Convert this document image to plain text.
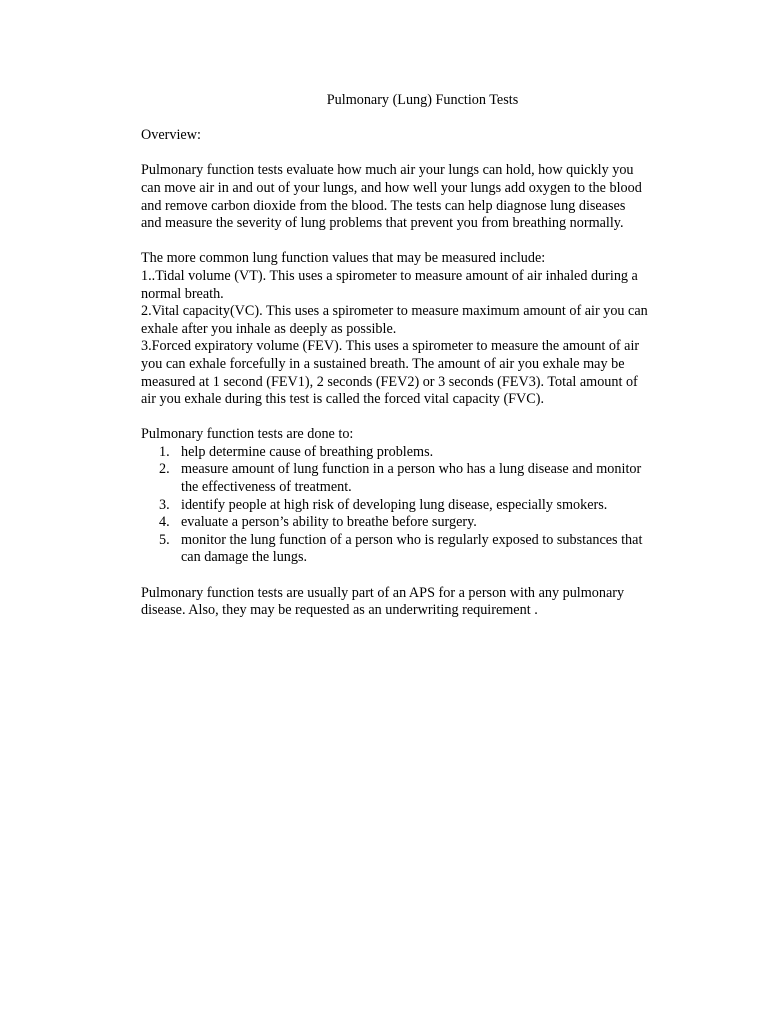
Pulmonary (Lung) Function Tests
Overview:
Pulmonary function tests evaluate how much air your lungs can hold, how quickly you
can move air in and out of your lungs, and how well your lungs add oxygen to the blood
and remove carbon dioxide from the blood. The tests can help diagnose lung diseases
and measure the severity of lung problems that prevent you from breathing normally.
The more common lung function values that may be measured include:
1..Tidal volume (VT). This uses a spirometer to measure amount of air inhaled during a
normal breath.
2.Vital capacity(VC). This uses a spirometer to measure maximum amount of air you can
exhale after you inhale as deeply as possible.
3.Forced expiratory volume (FEV). This uses a spirometer to measure the amount of air
you can exhale forcefully in a sustained breath. The amount of air you exhale may be
measured at 1 second (FEV1), 2 seconds (FEV2) or 3 seconds (FEV3). Total amount of
air you exhale during this test is called the forced vital capacity (FVC).
Pulmonary function tests are done to:
1. help determine cause of breathing problems.
2. measure amount of lung function in a person who has a lung disease and monitor
the effectiveness of treatment.
3. identify people at high risk of developing lung disease, especially smokers.
4. evaluate a person’s ability to breathe before surgery.
5. monitor the lung function of a person who is regularly exposed to substances that
can damage the lungs.
Pulmonary function tests are usually part of an APS for a person with any pulmonary
disease. Also, they may be requested as an underwriting requirement .
